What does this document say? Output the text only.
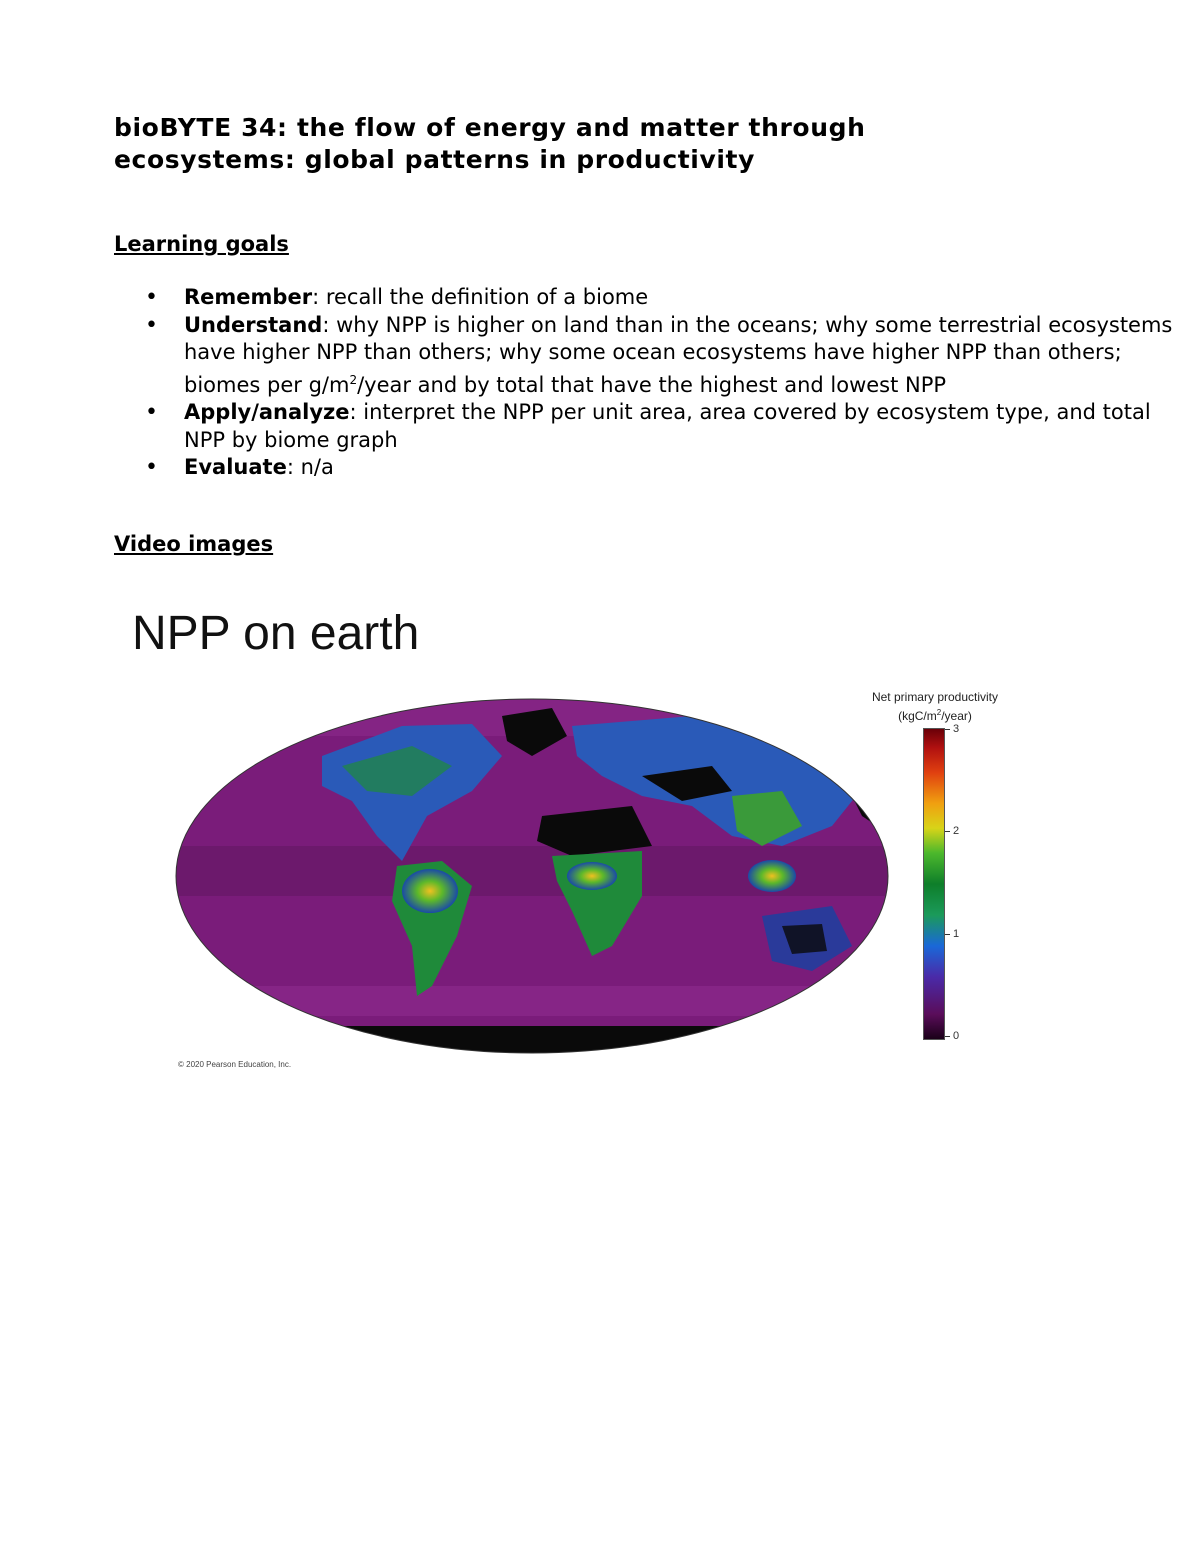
bioBYTE 34: the flow of energy and matter through
ecosystems: global patterns in productivity
Learning goals
• Remember: recall the definition of a biome
• Understand: why NPP is higher on land than in the oceans; why some terrestrial ecosystems have higher NPP than others; why some ocean ecosystems have higher NPP than others; biomes per $g/m^2$/year and by total that have the highest and lowest NPP
• Apply/analyze: interpret the NPP per unit area, area covered by ecosystem type, and total NPP by biome graph
• Evaluate: n/a
Video images
NPP on earth
Net primary productivity
$(kgC/m^2/year)$
3
2
1
0
© 2020 Pearson Education, Inc.
